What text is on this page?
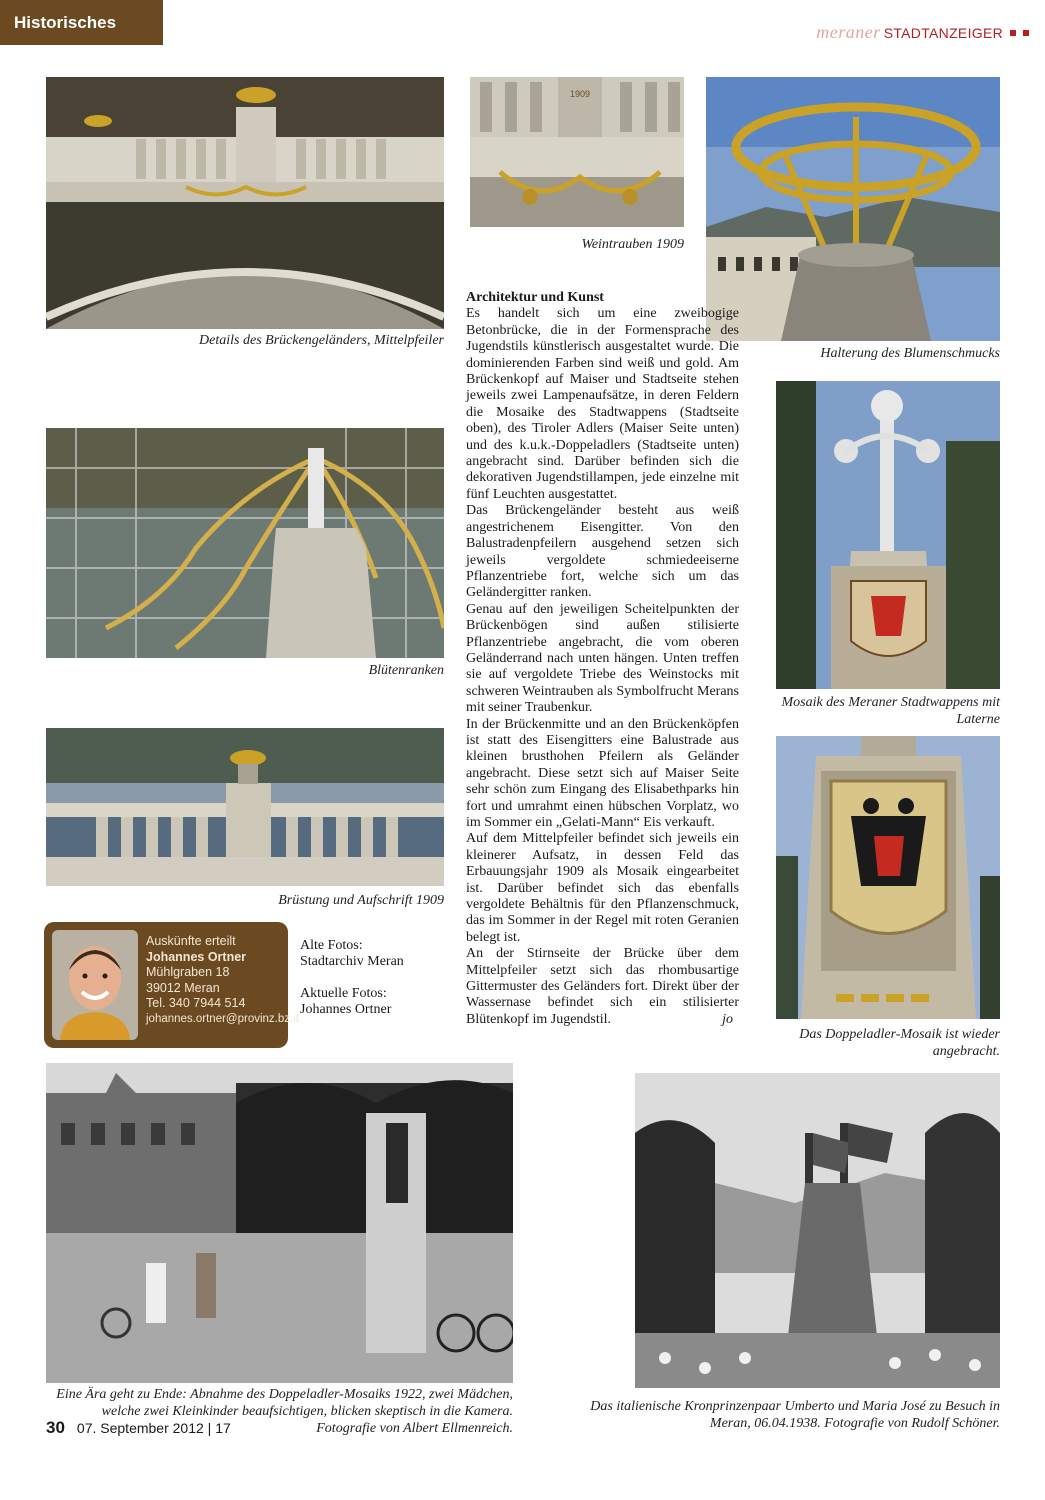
Historisches	meraner STADTANZEIGER
Details des Brückengeländers, Mittelpfeiler
1909
Weintrauben 1909
Halterung des Blumenschmucks
Blütenranken
Mosaik des Meraner Stadtwappens mit Laterne
Brüstung und Aufschrift 1909
Das Doppeladler-Mosaik ist wieder angebracht.
Architektur und Kunst

Es handelt sich um eine zweibogige Betonbrücke, die in der Formensprache des Jugendstils künstlerisch ausgestaltet wurde. Die dominierenden Farben sind weiß und gold. Am Brückenkopf auf Maiser und Stadtseite stehen jeweils zwei Lampenaufsätze, in deren Feldern die Mosaike des Stadtwappens (Stadtseite oben), des Tiroler Adlers (Maiser Seite unten) und des k.u.k.-Doppeladlers (Stadtseite unten) angebracht sind. Darüber befinden sich die dekorativen Jugendstillampen, jede einzelne mit fünf Leuchten ausgestattet.

Das Brückengeländer besteht aus weiß angestrichenem Eisengitter. Von den Balustradenpfeilern ausgehend setzen sich jeweils vergoldete schmiedeeiserne Pflanzentriebe fort, welche sich um das Geländergitter ranken.

Genau auf den jeweiligen Scheitelpunkten der Brückenbögen sind außen stilisierte Pflanzentriebe angebracht, die vom oberen Geländerrand nach unten hängen. Unten treffen sie auf vergoldete Triebe des Weinstocks mit schweren Weintrauben als Symbolfrucht Merans mit seiner Traubenkur.

In der Brückenmitte und an den Brückenköpfen ist statt des Eisengitters eine Balustrade aus kleinen brusthohen Pfeilern als Geländer angebracht. Diese setzt sich auf Maiser Seite sehr schön zum Eingang des Elisabethparks hin fort und umrahmt einen hübschen Vorplatz, wo im Sommer ein „Gelati-Mann“ Eis verkauft.

Auf dem Mittelpfeiler befindet sich jeweils ein kleinerer Aufsatz, in dessen Feld das Erbauungsjahr 1909 als Mosaik eingearbeitet ist. Darüber befindet sich das ebenfalls vergoldete Behältnis für den Pflanzenschmuck, das im Sommer in der Regel mit roten Geranien belegt ist.

An der Stirnseite der Brücke über dem Mittelpfeiler setzt sich das rhombusartige Gittermuster des Geländers fort. Direkt über der Wassernase befindet sich ein stilisierter Blütenkopf im Jugendstil.	jo

Auskünfte erteilt
Johannes Ortner
Mühlgraben 18
39012 Meran
Tel. 340 7944 514
johannes.ortner@provinz.bz.it

Alte Fotos:

Stadtarchiv Meran

Aktuelle Fotos:

Johannes Ortner

Eine Ära geht zu Ende: Abnahme des Doppeladler-Mosaiks 1922, zwei Mädchen, welche zwei Kleinkinder beaufsichtigen, blicken skeptisch in die Kamera. Fotografie von Albert Ellmenreich.
Das italienische Kronprinzenpaar Umberto und Maria José zu Besuch in Meran, 06.04.1938. Fotografie von Rudolf Schöner.
30 07. September 2012 | 17
